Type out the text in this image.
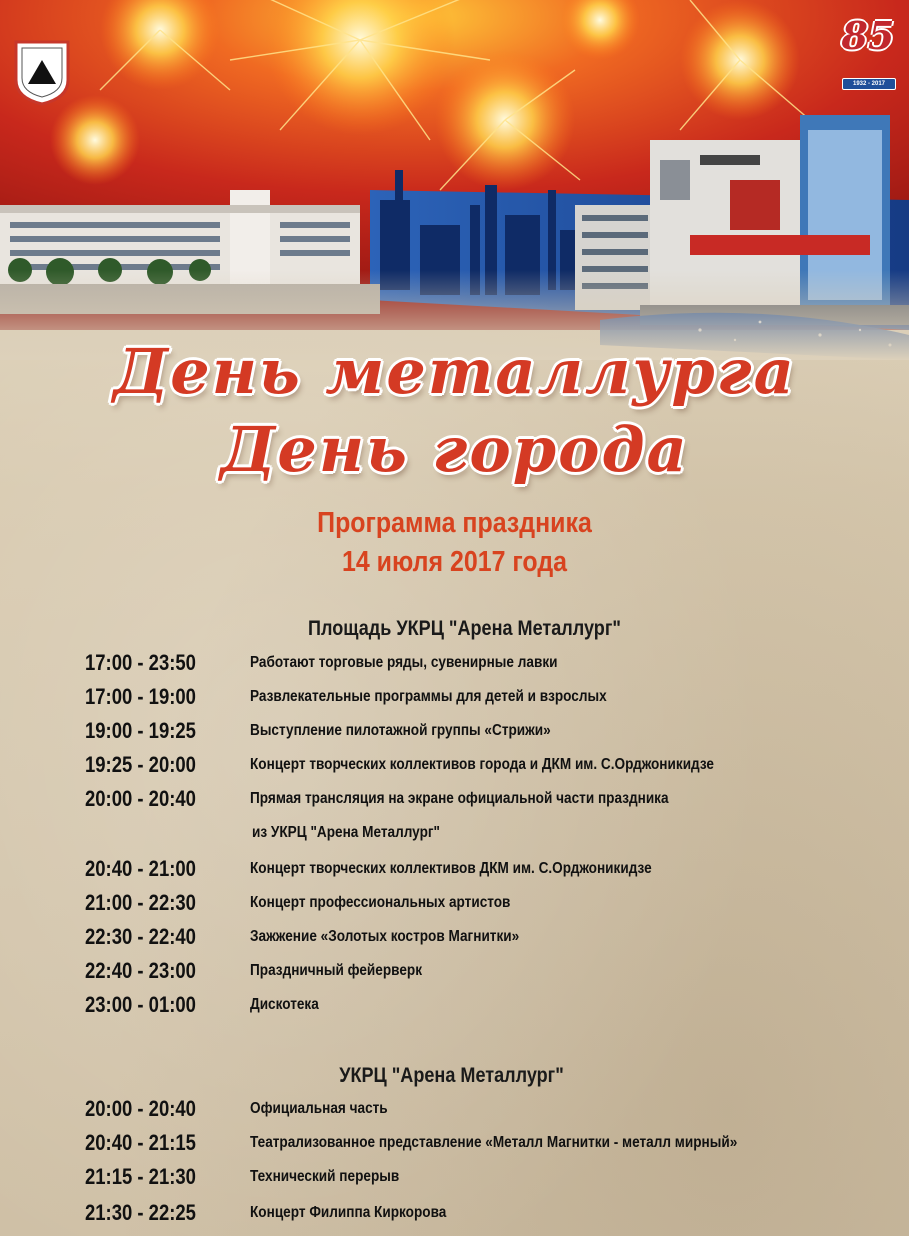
85
1932 - 2017
День металлурга
День города
Программа праздника
14 июля 2017 года
Площадь УКРЦ "Арена Металлург"
17:00 - 23:50	Работают торговые ряды, сувенирные лавки
17:00 - 19:00	Развлекательные программы для детей и взрослых
19:00 - 19:25	Выступление пилотажной группы «Стрижи»
19:25 - 20:00	Концерт творческих коллективов города и ДКМ им. С.Орджоникидзе
20:00 - 20:40	Прямая трансляция на экране официальной части праздника
из УКРЦ "Арена Металлург"
20:40 - 21:00	Концерт творческих коллективов ДКМ им. С.Орджоникидзе
21:00 - 22:30	Концерт профессиональных артистов
22:30 - 22:40	Зажжение «Золотых костров Магнитки»
22:40 - 23:00	Праздничный фейерверк
23:00 - 01:00	Дискотека
УКРЦ "Арена Металлург"
20:00 - 20:40	Официальная часть
20:40 - 21:15	Театрализованное представление «Металл Магнитки - металл мирный»
21:15 - 21:30	Технический перерыв
21:30 - 22:25	Концерт Филиппа Киркорова
